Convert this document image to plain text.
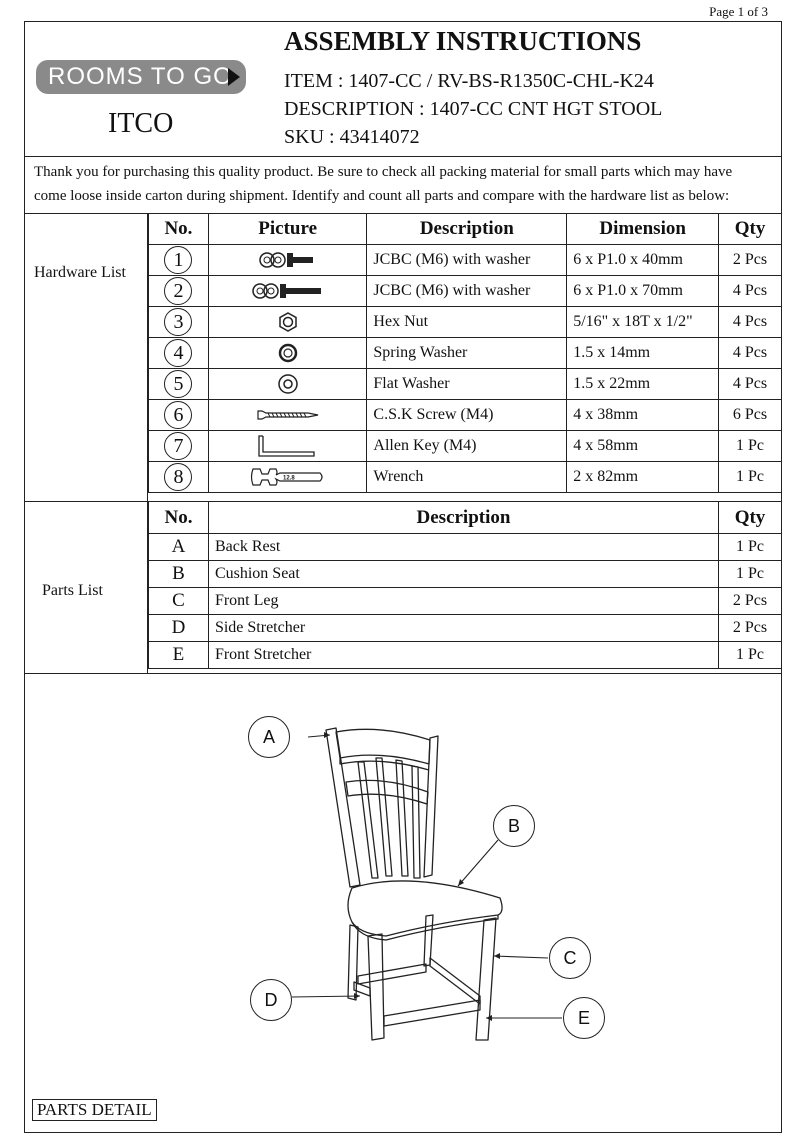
Page 1 of 3
ROOMS TO GO
ITCO
ASSEMBLY INSTRUCTIONS
ITEM : 1407-CC / RV-BS-R1350C-CHL-K24
DESCRIPTION : 1407-CC CNT HGT STOOL
SKU : 43414072
Thank you for purchasing this quality product. Be sure to check all packing material for small parts which may have
come loose inside carton during shipment. Identify and count all parts and compare with the hardware list as below:
Hardware List
No.	Picture	Description	Dimension	Qty
1		JCBC (M6) with washer	6 x P1.0 x 40mm	2 Pcs
2		JCBC (M6) with washer	6 x P1.0 x 70mm	4 Pcs
3		Hex Nut	5/16" x 18T x 1/2"	4 Pcs
4		Spring Washer	1.5 x 14mm	4 Pcs
5		Flat Washer	1.5 x 22mm	4 Pcs
6		C.S.K Screw (M4)	4 x 38mm	6 Pcs
7		Allen Key (M4)	4 x 58mm	1 Pc
8	12.8	Wrench	2 x 82mm	1 Pc
Parts List
No.	Description	Qty
A	Back Rest	1 Pc
B	Cushion Seat	1 Pc
C	Front Leg	2 Pcs
D	Side Stretcher	2 Pcs
E	Front Stretcher	1 Pc
A
B
C
D
E
PARTS DETAIL
